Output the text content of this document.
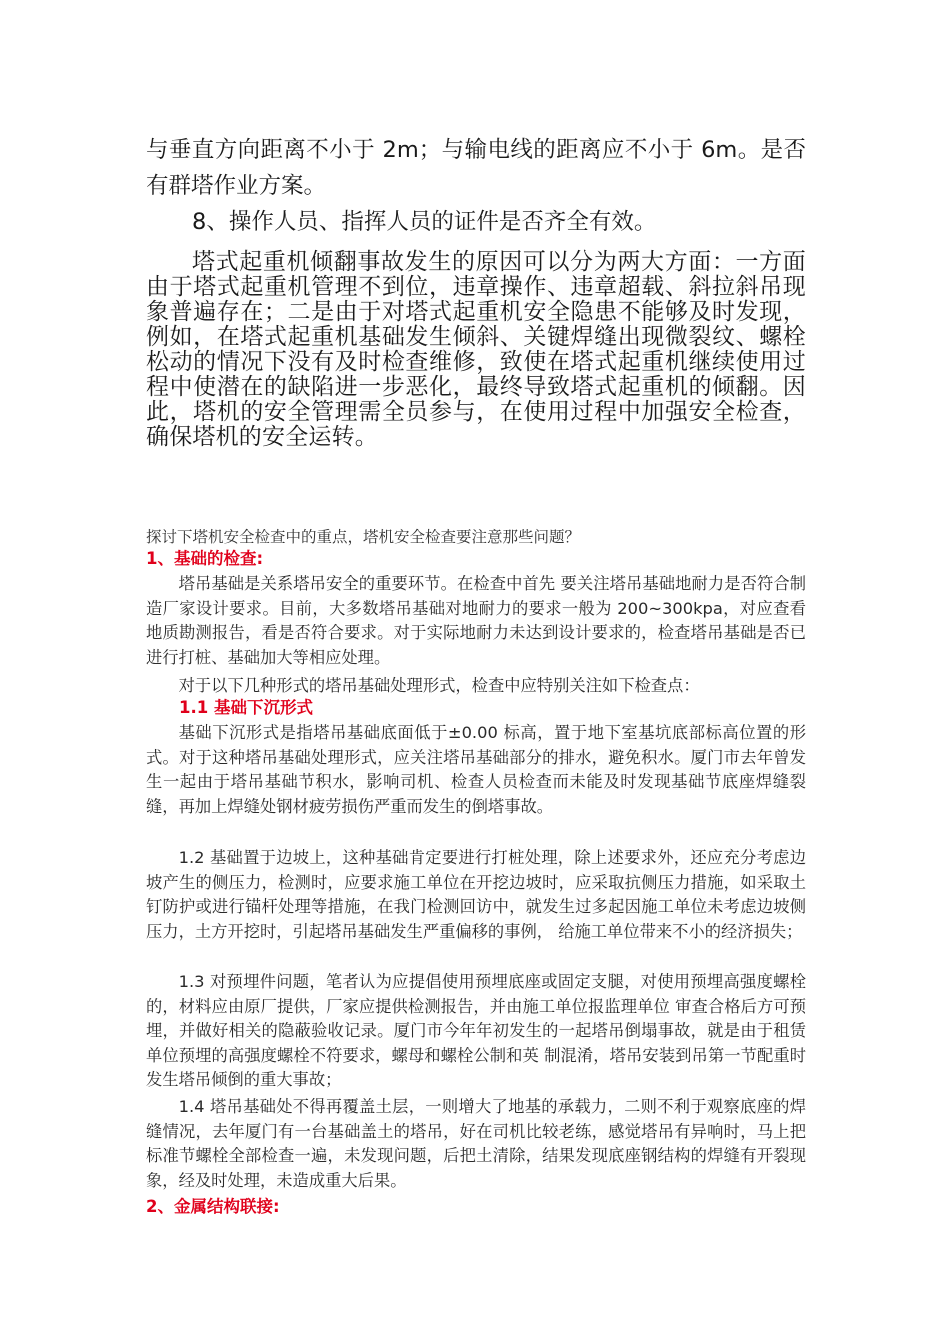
与垂直方向距离不小于 2m；与输电线的距离应不小于 6m。是否有群塔作业方案。

8、操作人员、指挥人员的证件是否齐全有效。

塔式起重机倾翻事故发生的原因可以分为两大方面：一方面由于塔式起重机管理不到位，违章操作、违章超载、斜拉斜吊现象普遍存在；二是由于对塔式起重机安全隐患不能够及时发现，例如，在塔式起重机基础发生倾斜、关键焊缝出现微裂纹、螺栓松动的情况下没有及时检查维修，致使在塔式起重机继续使用过程中使潜在的缺陷进一步恶化，最终导致塔式起重机的倾翻。因此，塔机的安全管理需全员参与，在使用过程中加强安全检查，确保塔机的安全运转。

探讨下塔机安全检查中的重点，塔机安全检查要注意那些问题？

1、基础的检查:

塔吊基础是关系塔吊安全的重要环节。在检查中首先 要关注塔吊基础地耐力是否符合制造厂家设计要求。目前，大多数塔吊基础对地耐力的要求一般为 200~300kpa，对应查看地质勘测报告，看是否符合要求。对于实际地耐力未达到设计要求的，检查塔吊基础是否已进行打桩、基础加大等相应处理。

对于以下几种形式的塔吊基础处理形式，检查中应特别关注如下检查点：

1.1 基础下沉形式

基础下沉形式是指塔吊基础底面低于±0.00 标高，置于地下室基坑底部标高位置的形式。对于这种塔吊基础处理形式，应关注塔吊基础部分的排水，避免积水。厦门市去年曾发生一起由于塔吊基础节积水，影响司机、检查人员检查而未能及时发现基础节底座焊缝裂缝，再加上焊缝处钢材疲劳损伤严重而发生的倒塔事故。

1.2 基础置于边坡上，这种基础肯定要进行打桩处理，除上述要求外，还应充分考虑边坡产生的侧压力，检测时，应要求施工单位在开挖边坡时，应采取抗侧压力措施，如采取土钉防护或进行锚杆处理等措施，在我门检测回访中，就发生过多起因施工单位未考虑边坡侧压力，土方开挖时，引起塔吊基础发生严重偏移的事例， 给施工单位带来不小的经济损失；

1.3 对预埋件问题，笔者认为应提倡使用预埋底座或固定支腿，对使用预埋高强度螺栓的，材料应由原厂提供，厂家应提供检测报告，并由施工单位报监理单位 审查合格后方可预埋，并做好相关的隐蔽验收记录。厦门市今年年初发生的一起塔吊倒塌事故，就是由于租赁单位预埋的高强度螺栓不符要求，螺母和螺栓公制和英 制混淆，塔吊安装到吊第一节配重时发生塔吊倾倒的重大事故；

1.4 塔吊基础处不得再覆盖土层，一则增大了地基的承载力，二则不利于观察底座的焊缝情况，去年厦门有一台基础盖土的塔吊，好在司机比较老练，感觉塔吊有异响时，马上把标准节螺栓全部检查一遍，未发现问题，后把土清除，结果发现底座钢结构的焊缝有开裂现象，经及时处理，未造成重大后果。

2、金属结构联接:
